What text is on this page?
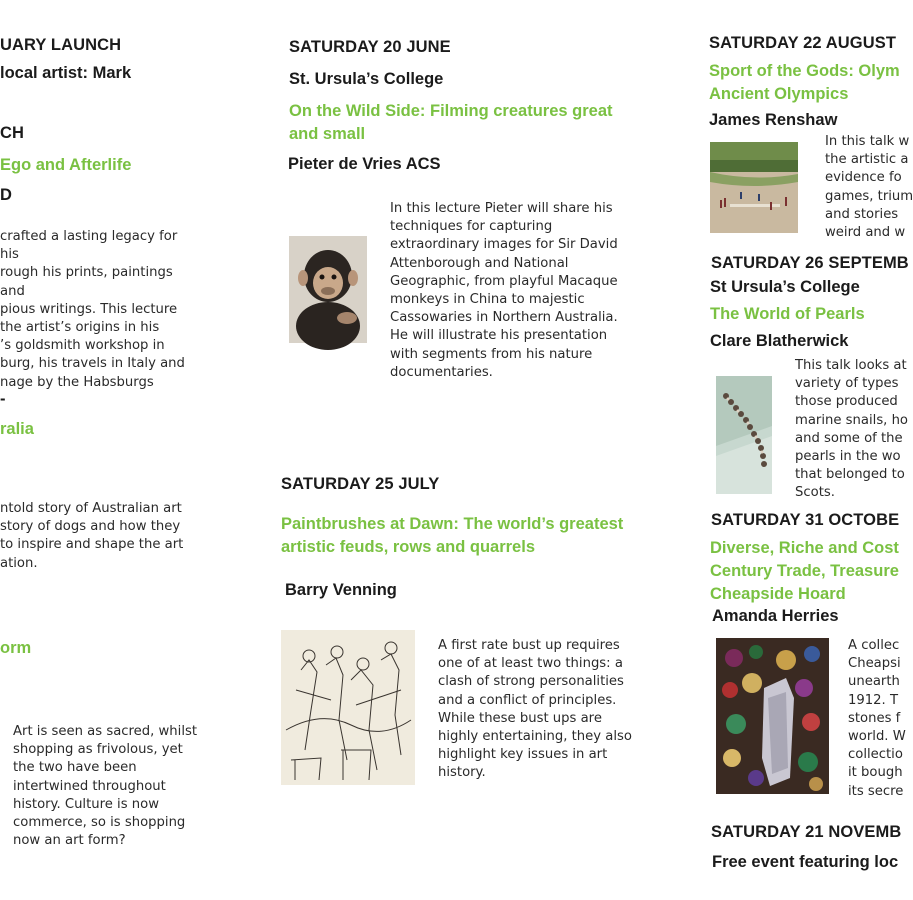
UARY LAUNCH
local artist: Mark
CH
Ego and Afterlife
D
crafted a lasting legacy for his
rough his prints, paintings and
pious writings. This lecture
the artist’s origins in his
’s goldsmith workshop in
burg, his travels in Italy and
nage by the Habsburgs
-
ralia
ntold story of Australian art
story of dogs and how they
to inspire and shape the art
ation.
orm
Art is seen as sacred, whilst
shopping as frivolous, yet
the two have been
intertwined throughout
history. Culture is now
commerce, so is shopping
now an art form?
SATURDAY 20 JUNE
St. Ursula’s College
On the Wild Side: Filming creatures great and small
Pieter de Vries ACS
In this lecture Pieter will share his techniques for capturing extraordinary images for Sir David Attenborough and National Geographic, from playful Macaque monkeys in China to majestic Cassowaries in Northern Australia. He will illustrate his presentation with segments from his nature documentaries.
SATURDAY 25 JULY
Paintbrushes at Dawn: The world’s greatest artistic feuds, rows and quarrels
Barry Venning
A first rate bust up requires one of at least two things: a clash of strong personalities and a conflict of principles. While these bust ups are highly entertaining, they also highlight key issues in art history.
SATURDAY 22 AUGUST
Sport of the Gods: Olym
Ancient Olympics
James Renshaw
In this talk w
the artistic a
evidence fo
games, trium
and stories
weird and w
SATURDAY 26 SEPTEMB
St Ursula’s College
The World of Pearls
Clare Blatherwick
This talk looks at
variety of types
those produced
marine snails, ho
and some of the
pearls in the wo
that belonged to
Scots.
SATURDAY 31 OCTOBE
Diverse, Riche and Cost
Century Trade, Treasure
Cheapside Hoard
Amanda Herries
A collec
Cheapsi
unearth
1912. T
stones f
world. W
collectio
it bough
its secre
SATURDAY 21 NOVEMB
Free event featuring loc
